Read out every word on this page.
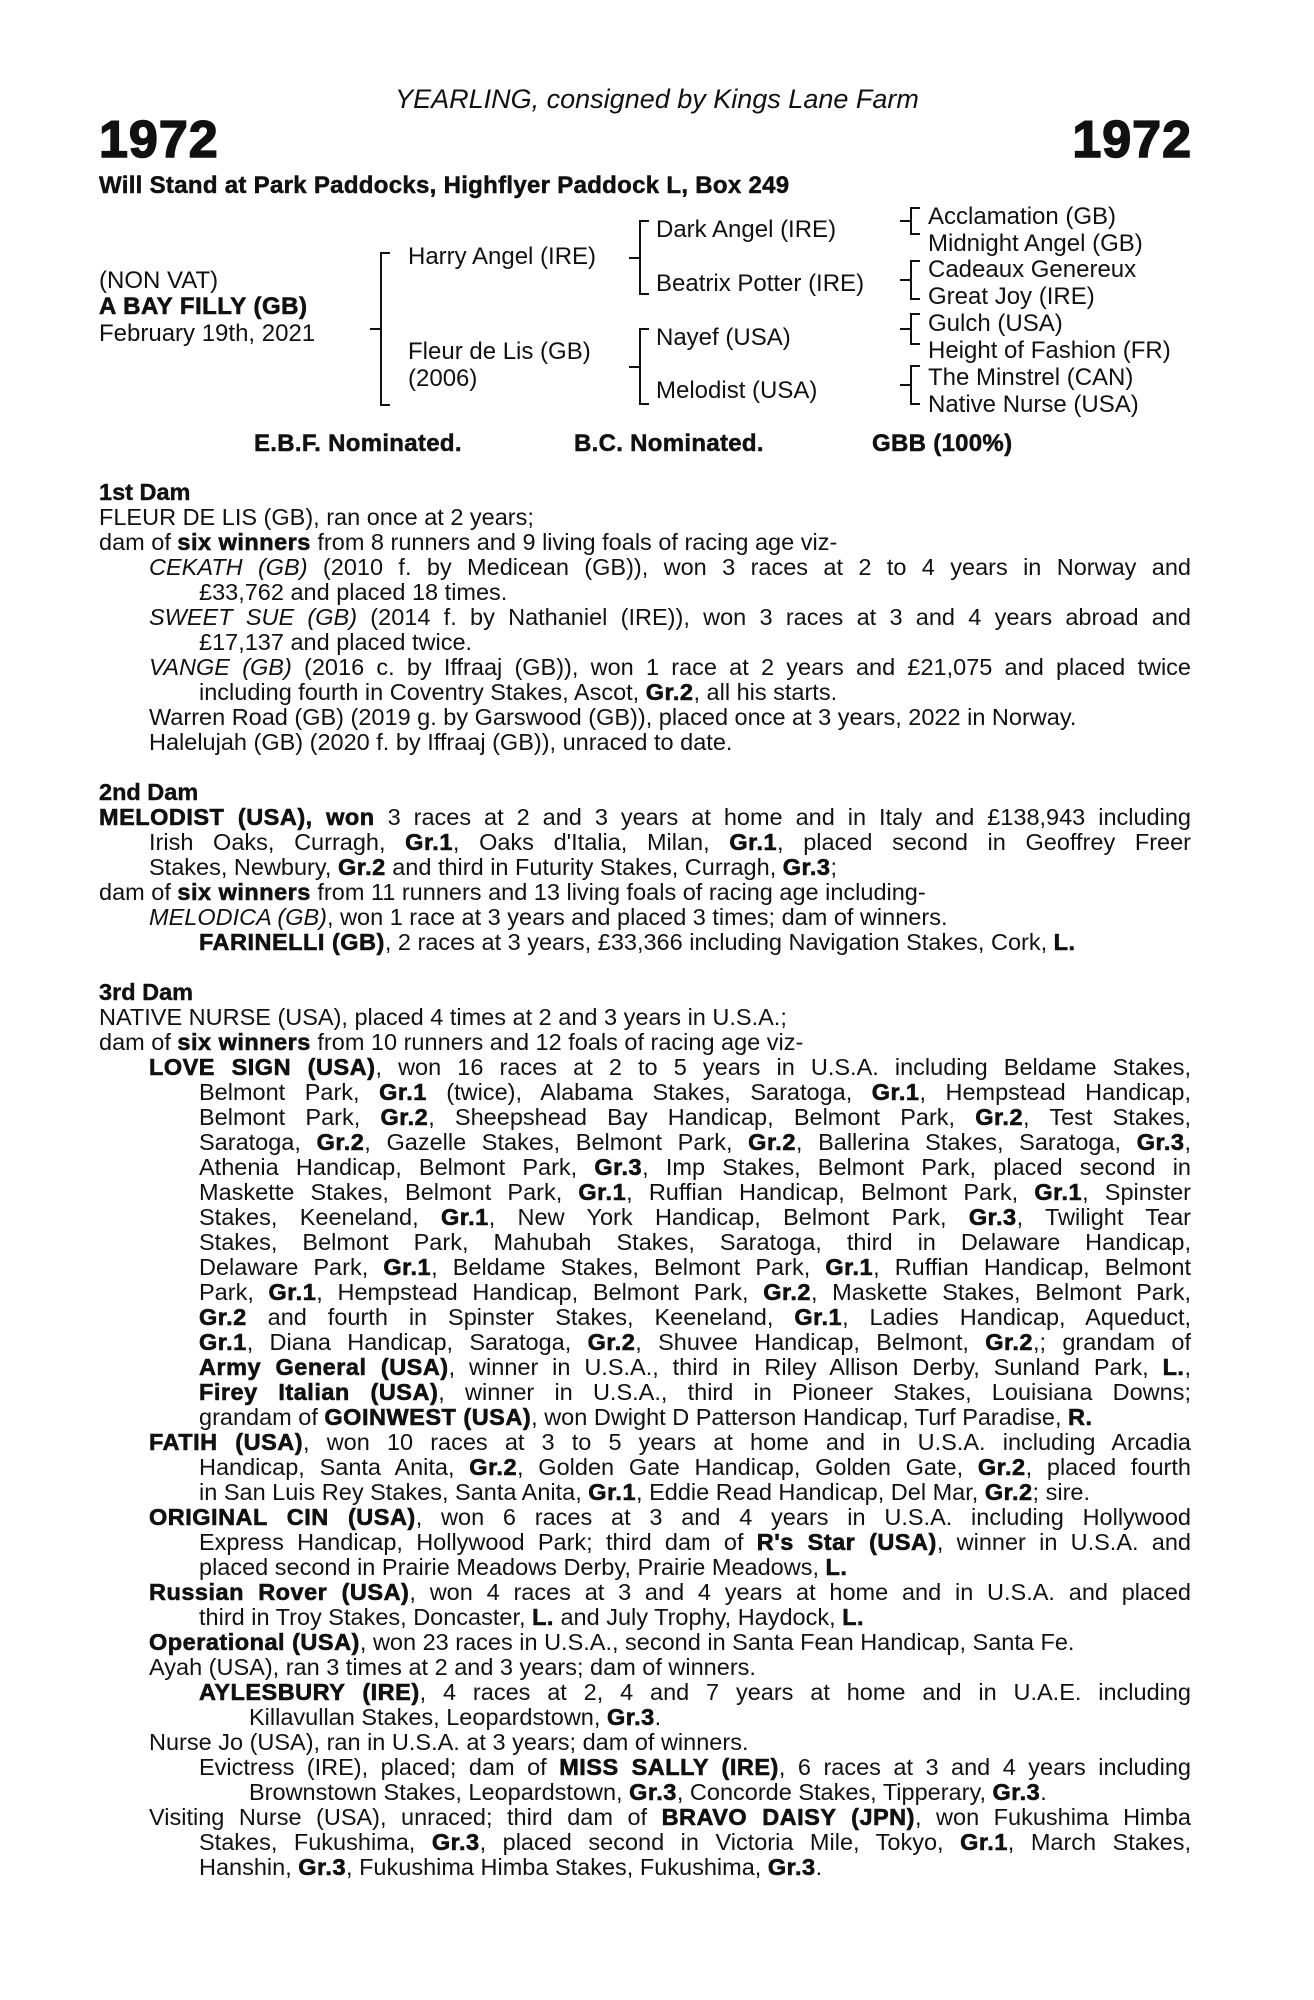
YEARLING, consigned by Kings Lane Farm
1972	1972
Will Stand at Park Paddocks, Highflyer Paddock L, Box 249
(NON VAT)
A BAY FILLY (GB)
February 19th, 2021
Harry Angel (IRE)
Fleur de Lis (GB)
(2006)
Dark Angel (IRE)
Beatrix Potter (IRE)
Nayef (USA)
Melodist (USA)
Acclamation (GB)
Midnight Angel (GB)
Cadeaux Genereux
Great Joy (IRE)
Gulch (USA)
Height of Fashion (FR)
The Minstrel (CAN)
Native Nurse (USA)
E.B.F. Nominated.	B.C. Nominated.	GBB (100%)
1st Dam
FLEUR DE LIS (GB), ran once at 2 years;
dam of six winners from 8 runners and 9 living foals of racing age viz-
CEKATH (GB) (2010 f. by Medicean (GB)), won 3 races at 2 to 4 years in Norway and
£33,762 and placed 18 times.
SWEET SUE (GB) (2014 f. by Nathaniel (IRE)), won 3 races at 3 and 4 years abroad and
£17,137 and placed twice.
VANGE (GB) (2016 c. by Iffraaj (GB)), won 1 race at 2 years and £21,075 and placed twice
including fourth in Coventry Stakes, Ascot, Gr.2, all his starts.
Warren Road (GB) (2019 g. by Garswood (GB)), placed once at 3 years, 2022 in Norway.
Halelujah (GB) (2020 f. by Iffraaj (GB)), unraced to date.
2nd Dam
MELODIST (USA), won 3 races at 2 and 3 years at home and in Italy and £138,943 including
Irish Oaks, Curragh, Gr.1, Oaks d'Italia, Milan, Gr.1, placed second in Geoffrey Freer
Stakes, Newbury, Gr.2 and third in Futurity Stakes, Curragh, Gr.3;
dam of six winners from 11 runners and 13 living foals of racing age including-
MELODICA (GB), won 1 race at 3 years and placed 3 times; dam of winners.
FARINELLI (GB), 2 races at 3 years, £33,366 including Navigation Stakes, Cork, L.
3rd Dam
NATIVE NURSE (USA), placed 4 times at 2 and 3 years in U.S.A.;
dam of six winners from 10 runners and 12 foals of racing age viz-
LOVE SIGN (USA), won 16 races at 2 to 5 years in U.S.A. including Beldame Stakes,
Belmont Park, Gr.1 (twice), Alabama Stakes, Saratoga, Gr.1, Hempstead Handicap,
Belmont Park, Gr.2, Sheepshead Bay Handicap, Belmont Park, Gr.2, Test Stakes,
Saratoga, Gr.2, Gazelle Stakes, Belmont Park, Gr.2, Ballerina Stakes, Saratoga, Gr.3,
Athenia Handicap, Belmont Park, Gr.3, Imp Stakes, Belmont Park, placed second in
Maskette Stakes, Belmont Park, Gr.1, Ruffian Handicap, Belmont Park, Gr.1, Spinster
Stakes, Keeneland, Gr.1, New York Handicap, Belmont Park, Gr.3, Twilight Tear
Stakes, Belmont Park, Mahubah Stakes, Saratoga, third in Delaware Handicap,
Delaware Park, Gr.1, Beldame Stakes, Belmont Park, Gr.1, Ruffian Handicap, Belmont
Park, Gr.1, Hempstead Handicap, Belmont Park, Gr.2, Maskette Stakes, Belmont Park,
Gr.2 and fourth in Spinster Stakes, Keeneland, Gr.1, Ladies Handicap, Aqueduct,
Gr.1, Diana Handicap, Saratoga, Gr.2, Shuvee Handicap, Belmont, Gr.2,; grandam of
Army General (USA), winner in U.S.A., third in Riley Allison Derby, Sunland Park, L.,
Firey Italian (USA), winner in U.S.A., third in Pioneer Stakes, Louisiana Downs;
grandam of GOINWEST (USA), won Dwight D Patterson Handicap, Turf Paradise, R.
FATIH (USA), won 10 races at 3 to 5 years at home and in U.S.A. including Arcadia
Handicap, Santa Anita, Gr.2, Golden Gate Handicap, Golden Gate, Gr.2, placed fourth
in San Luis Rey Stakes, Santa Anita, Gr.1, Eddie Read Handicap, Del Mar, Gr.2; sire.
ORIGINAL CIN (USA), won 6 races at 3 and 4 years in U.S.A. including Hollywood
Express Handicap, Hollywood Park; third dam of R's Star (USA), winner in U.S.A. and
placed second in Prairie Meadows Derby, Prairie Meadows, L.
Russian Rover (USA), won 4 races at 3 and 4 years at home and in U.S.A. and placed
third in Troy Stakes, Doncaster, L. and July Trophy, Haydock, L.
Operational (USA), won 23 races in U.S.A., second in Santa Fean Handicap, Santa Fe.
Ayah (USA), ran 3 times at 2 and 3 years; dam of winners.
AYLESBURY (IRE), 4 races at 2, 4 and 7 years at home and in U.A.E. including
Killavullan Stakes, Leopardstown, Gr.3.
Nurse Jo (USA), ran in U.S.A. at 3 years; dam of winners.
Evictress (IRE), placed; dam of MISS SALLY (IRE), 6 races at 3 and 4 years including
Brownstown Stakes, Leopardstown, Gr.3, Concorde Stakes, Tipperary, Gr.3.
Visiting Nurse (USA), unraced; third dam of BRAVO DAISY (JPN), won Fukushima Himba
Stakes, Fukushima, Gr.3, placed second in Victoria Mile, Tokyo, Gr.1, March Stakes,
Hanshin, Gr.3, Fukushima Himba Stakes, Fukushima, Gr.3.
